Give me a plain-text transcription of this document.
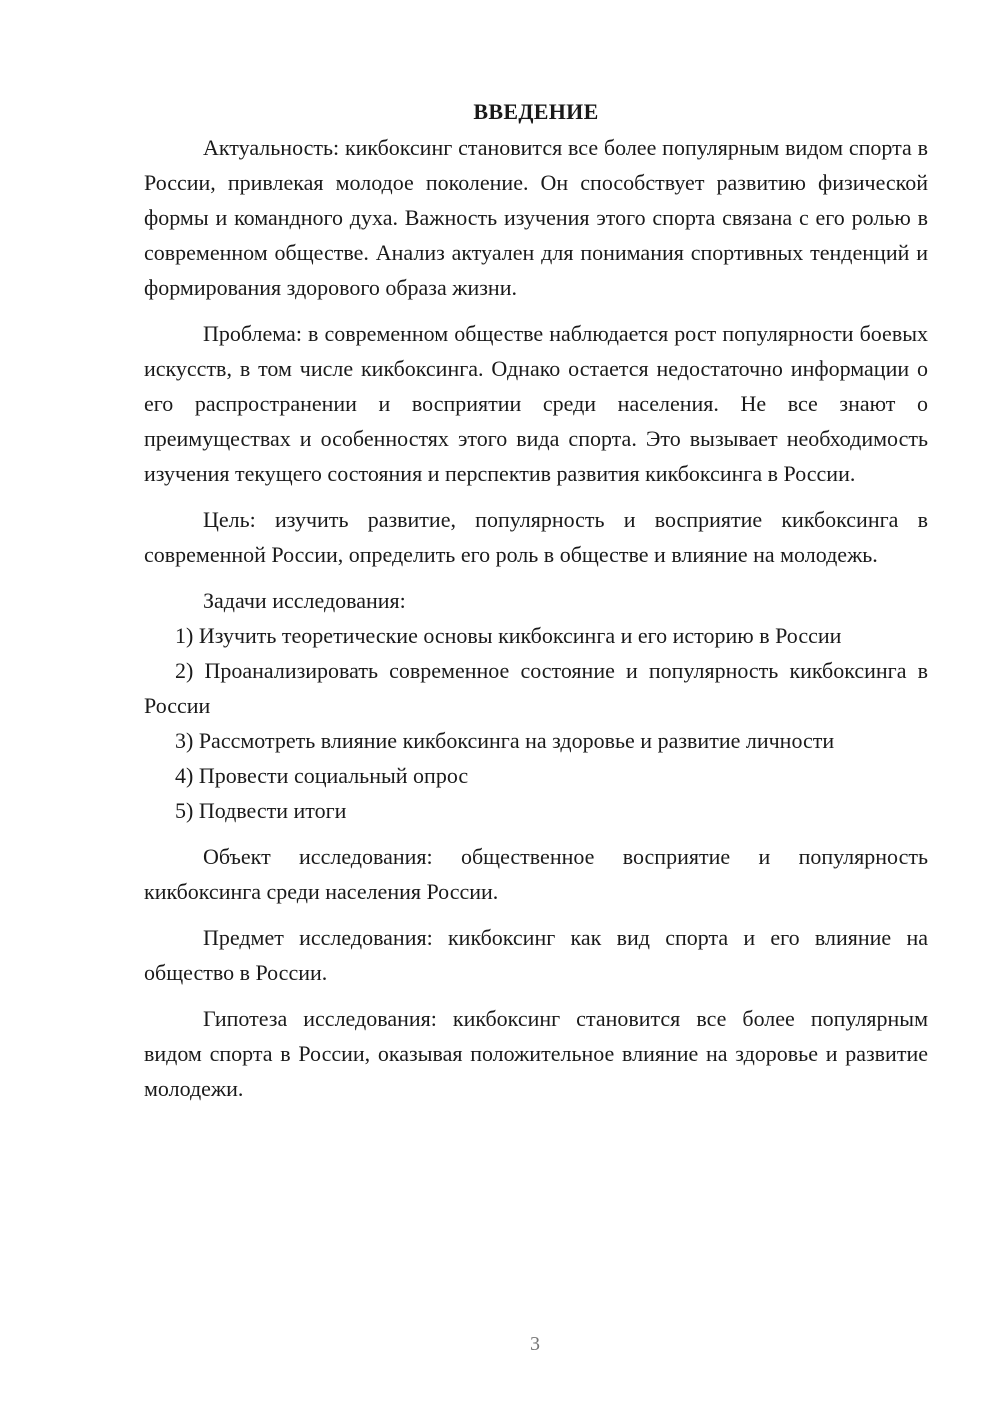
ВВЕДЕНИЕ

Актуальность: кикбоксинг становится все более популярным видом спорта в России, привлекая молодое поколение. Он способствует развитию физической формы и командного духа. Важность изучения этого спорта связана с его ролью в современном обществе. Анализ актуален для понимания спортивных тенденций и формирования здорового образа жизни.

Проблема: в современном обществе наблюдается рост популярности боевых искусств, в том числе кикбоксинга. Однако остается недостаточно информации о его распространении и восприятии среди населения. Не все знают о преимуществах и особенностях этого вида спорта. Это вызывает необходимость изучения текущего состояния и перспектив развития кикбоксинга в России.

Цель: изучить развитие, популярность и восприятие кикбоксинга в современной России, определить его роль в обществе и влияние на молодежь.

Задачи исследования:

1) Изучить теоретические основы кикбоксинга и его историю в России

2) Проанализировать современное состояние и популярность кикбоксинга в России

3) Рассмотреть влияние кикбоксинга на здоровье и развитие личности

4) Провести социальный опрос

5) Подвести итоги

Объект исследования: общественное восприятие и популярность кикбоксинга среди населения России.

Предмет исследования: кикбоксинг как вид спорта и его влияние на общество в России.

Гипотеза исследования: кикбоксинг становится все более популярным видом спорта в России, оказывая положительное влияние на здоровье и развитие молодежи.

3
